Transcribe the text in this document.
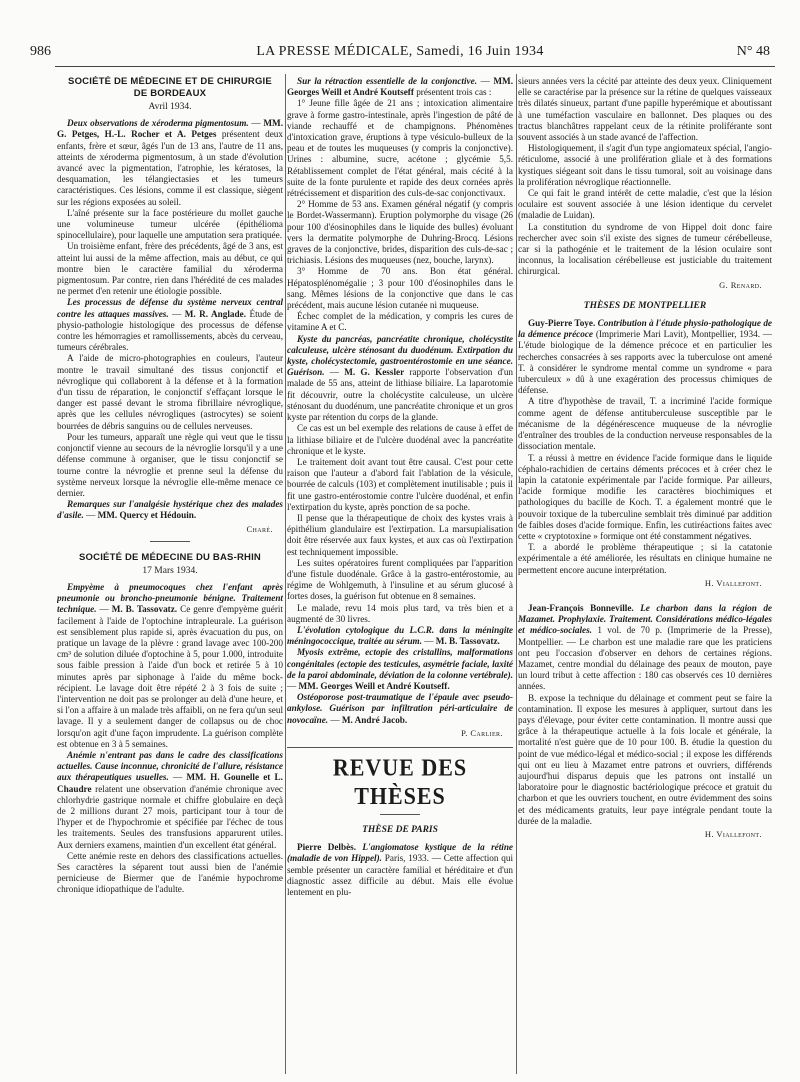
986	LA PRESSE MÉDICALE, Samedi, 16 Juin 1934	N° 48
SOCIÉTÉ DE MÉDECINE ET DE CHIRURGIE
DE BORDEAUX
Avril 1934.

Deux observations de xéroderma pigmentosum. — MM. G. Petges, H.-L. Rocher et A. Petges présentent deux enfants, frère et sœur, âgés l'un de 13 ans, l'autre de 11 ans, atteints de xéroderma pigmentosum, à un stade d'évolution avancé avec la pigmentation, l'atrophie, les kératoses, la desquamation, les télangiectasies et les tumeurs caractéristiques. Ces lésions, comme il est classique, siègent sur les régions exposées au soleil.

L'aîné présente sur la face postérieure du mollet gauche une volumineuse tumeur ulcérée (épithélioma spinocellulaire), pour laquelle une amputation sera pratiquée.

Un troisième enfant, frère des précédents, âgé de 3 ans, est atteint lui aussi de la même affection, mais au début, ce qui montre bien le caractère familial du xéroderma pigmentosum. Par contre, rien dans l'hérédité de ces malades ne permet d'en retenir une étiologie possible.

Les processus de défense du système nerveux central contre les attaques massives. — M. R. Anglade. Étude de physio-pathologie histologique des processus de défense contre les hémorragies et ramollissements, abcès du cerveau, tumeurs cérébrales.

A l'aide de micro-photographies en couleurs, l'auteur montre le travail simultané des tissus conjonctif et névroglique qui collaborent à la défense et à la formation d'un tissu de réparation, le conjonctif s'effaçant lorsque le danger est passé devant le stroma fibrillaire névroglique, après que les cellules névrogliques (astrocytes) se soient bourrées de débris sanguins ou de cellules nerveuses.

Pour les tumeurs, apparaît une règle qui veut que le tissu conjonctif vienne au secours de la névroglie lorsqu'il y a une défense commune à organiser, que le tissu conjonctif se tourne contre la névroglie et prenne seul la défense du système nerveux lorsque la névroglie elle-même menace ce dernier.

Remarques sur l'analgésie hystérique chez des malades d'asile. — MM. Quercy et Hédouin.

Charé.
SOCIÉTÉ DE MÉDECINE DU BAS-RHIN
17 Mars 1934.

Empyème à pneumocoques chez l'enfant après pneumonie ou broncho-pneumonie bénigne. Traitement technique. — M. B. Tassovatz. Ce genre d'empyème guérit facilement à l'aide de l'optochine intrapleurale. La guérison est sensiblement plus rapide si, après évacuation du pus, on pratique un lavage de la plèvre : grand lavage avec 100-200 cm³ de solution diluée d'optochine à 5, pour 1.000, introduite sous faible pression à l'aide d'un bock et retirée 5 à 10 minutes après par siphonage à l'aide du même bock-récipient. Le lavage doit être répété 2 à 3 fois de suite ; l'intervention ne doit pas se prolonger au delà d'une heure, et si l'on a affaire à un malade très affaibli, on ne fera qu'un seul lavage. Il y a seulement danger de collapsus ou de choc lorsqu'on agit d'une façon imprudente. La guérison complète est obtenue en 3 à 5 semaines.

Anémie n'entrant pas dans le cadre des classifications actuelles. Cause inconnue, chronicité de l'allure, résistance aux thérapeutiques usuelles. — MM. H. Gounelle et L. Chaudre relatent une observation d'anémie chronique avec chlorhydrie gastrique normale et chiffre globulaire en deçà de 2 millions durant 27 mois, participant tour à tour de l'hyper et de l'hypochromie et spécifiée par l'échec de tous les traitements. Seules des transfusions apparurent utiles. Aux derniers examens, maintien d'un excellent état général.

Cette anémie reste en dehors des classifications actuelles. Ses caractères la séparent tout aussi bien de l'anémie pernicieuse de Biermer que de l'anémie hypochrome chronique idiopathique de l'adulte.

Sur la rétraction essentielle de la conjonctive. — MM. Georges Weill et André Koutseff présentent trois cas :

1° Jeune fille âgée de 21 ans ; intoxication alimentaire grave à forme gastro-intestinale, après l'ingestion de pâté de viande rechauffé et de champignons. Phénomènes d'intoxication grave, éruptions à type vésiculo-bulleux de la peau et de toutes les muqueuses (y compris la conjonctive). Urines : albumine, sucre, acétone ; glycémie 5,5. Rétablissement complet de l'état général, mais cécité à la suite de la fonte purulente et rapide des deux cornées après rétrécissement et disparition des culs-de-sac conjonctivaux.

2° Homme de 53 ans. Examen général négatif (y compris le Bordet-Wassermann). Eruption polymorphe du visage (26 pour 100 d'éosinophiles dans le liquide des bulles) évoluant vers la dermatite polymorphe de Duhring-Brocq. Lésions graves de la conjonctive, brides, disparition des culs-de-sac ; trichiasis. Lésions des muqueuses (nez, bouche, larynx).

3° Homme de 70 ans. Bon état général. Hépatosplénomégalie ; 3 pour 100 d'éosinophiles dans le sang. Mêmes lésions de la conjonctive que dans le cas précédent, mais aucune lésion cutanée ni muqueuse.

Échec complet de la médication, y compris les cures de vitamine A et C.

Kyste du pancréas, pancréatite chronique, cholécystite calculeuse, ulcère sténosant du duodénum. Extirpation du kyste, cholécystectomie, gastroentérostomie en une séance. Guérison. — M. G. Kessler rapporte l'observation d'un malade de 55 ans, atteint de lithiase biliaire. La laparotomie fit découvrir, outre la cholécystite calculeuse, un ulcère sténosant du duodénum, une pancréatite chronique et un gros kyste par rétention du corps de la glande.

Ce cas est un bel exemple des relations de cause à effet de la lithiase biliaire et de l'ulcère duodénal avec la pancréatite chronique et le kyste.

Le traitement doit avant tout être causal. C'est pour cette raison que l'auteur a d'abord fait l'ablation de la vésicule, bourrée de calculs (103) et complètement inutilisable ; puis il fit une gastro-entérostomie contre l'ulcère duodénal, et enfin l'extirpation du kyste, après ponction de sa poche.

Il pense que la thérapeutique de choix des kystes vrais à épithélium glandulaire est l'extirpation. La marsupialisation doit être réservée aux faux kystes, et aux cas où l'extirpation est techniquement impossible.

Les suites opératoires furent compliquées par l'apparition d'une fistule duodénale. Grâce à la gastro-entérostomie, au régime de Wohlgemuth, à l'insuline et au sérum glucosé à fortes doses, la guérison fut obtenue en 8 semaines.

Le malade, revu 14 mois plus tard, va très bien et a augmenté de 30 livres.

L'évolution cytologique du L.C.R. dans la méningite méningococcique, traitée au sérum. — M. B. Tassovatz.

Myosis extrême, ectopie des cristallins, malformations congénitales (ectopie des testicules, asymétrie faciale, laxité de la paroi abdominale, déviation de la colonne vertébrale). — MM. Georges Weill et André Koutseff.

Ostéoporose post-traumatique de l'épaule avec pseudo-ankylose. Guérison par infiltration péri-articulaire de novocaïne. — M. André Jacob.

P. Carlier.
REVUE DES THÈSES
THÈSE DE PARIS

Pierre Delbès. L'angiomatose kystique de la rétine (maladie de von Hippel). Paris, 1933. — Cette affection qui semble présenter un caractère familial et héréditaire et d'un diagnostic assez difficile au début. Mais elle évolue lentement en plu-

sieurs années vers la cécité par atteinte des deux yeux. Cliniquement elle se caractérise par la présence sur la rétine de quelques vaisseaux très dilatés sinueux, partant d'une papille hyperémique et aboutissant à une tuméfaction vasculaire en ballonnet. Des plaques ou des tractus blanchâtres rappelant ceux de la rétinite proliférante sont souvent associés à un stade avancé de l'affection.

Histologiquement, il s'agit d'un type angiomateux spécial, l'angio-réticulome, associé à une prolifération gliale et à des formations kystiques siégeant soit dans le tissu tumoral, soit au voisinage dans la prolifération névroglique réactionnelle.

Ce qui fait le grand intérêt de cette maladie, c'est que la lésion oculaire est souvent associée à une lésion identique du cervelet (maladie de Luidan).

La constitution du syndrome de von Hippel doit donc faire rechercher avec soin s'il existe des signes de tumeur cérébelleuse, car si la pathogénie et le traitement de la lésion oculaire sont inconnus, la localisation cérébelleuse est justiciable du traitement chirurgical.

G. Renard.
THÈSES DE MONTPELLIER

Guy-Pierre Toye. Contribution à l'étude physio-pathologique de la démence précoce (Imprimerie Mari Lavit), Montpellier, 1934. — L'étude biologique de la démence précoce et en particulier les recherches consacrées à ses rapports avec la tuberculose ont amené T. à considérer le syndrome mental comme un syndrome « para tuberculeux » dû à une exagération des processus chimiques de défense.

A titre d'hypothèse de travail, T. a incriminé l'acide formique comme agent de défense antituberculeuse susceptible par le mécanisme de la dégénérescence muqueuse de la névroglie d'entraîner des troubles de la conduction nerveuse responsables de la dissociation mentale.

T. a réussi à mettre en évidence l'acide formique dans le liquide céphalo-rachidien de certains déments précoces et à créer chez le lapin la catatonie expérimentale par l'acide formique. Par ailleurs, l'acide formique modifie les caractères biochimiques et pathologiques du bacille de Koch. T. a également montré que le pouvoir toxique de la tuberculine semblait très diminué par addition de faibles doses d'acide formique. Enfin, les cutiréactions faites avec cette « cryptotoxine » formique ont été constamment négatives.

T. a abordé le problème thérapeutique ; si la catatonie expérimentale a été améliorée, les résultats en clinique humaine ne permettent encore aucune interprétation.

H. Viallefont.

Jean-François Bonneville. Le charbon dans la région de Mazamet. Prophylaxie. Traitement. Considérations médico-légales et médico-sociales. 1 vol. de 70 p. (Imprimerie de la Presse), Montpellier. — Le charbon est une maladie rare que les praticiens ont peu l'occasion d'observer en dehors de certaines régions. Mazamet, centre mondial du délainage des peaux de mouton, paye un lourd tribut à cette affection : 180 cas observés ces 10 dernières années.

B. expose la technique du délainage et comment peut se faire la contamination. Il expose les mesures à appliquer, surtout dans les pays d'élevage, pour éviter cette contamination. Il montre aussi que grâce à la thérapeutique actuelle à la fois locale et générale, la mortalité n'est guère que de 10 pour 100. B. étudie la question du point de vue médico-légal et médico-social ; il expose les différends qui ont eu lieu à Mazamet entre patrons et ouvriers, différends aujourd'hui disparus depuis que les patrons ont installé un laboratoire pour le diagnostic bactériologique précoce et gratuit du charbon et que les ouvriers touchent, en outre évidemment des soins et des médicaments gratuits, leur paye intégrale pendant toute la durée de la maladie.

H. Viallefont.
